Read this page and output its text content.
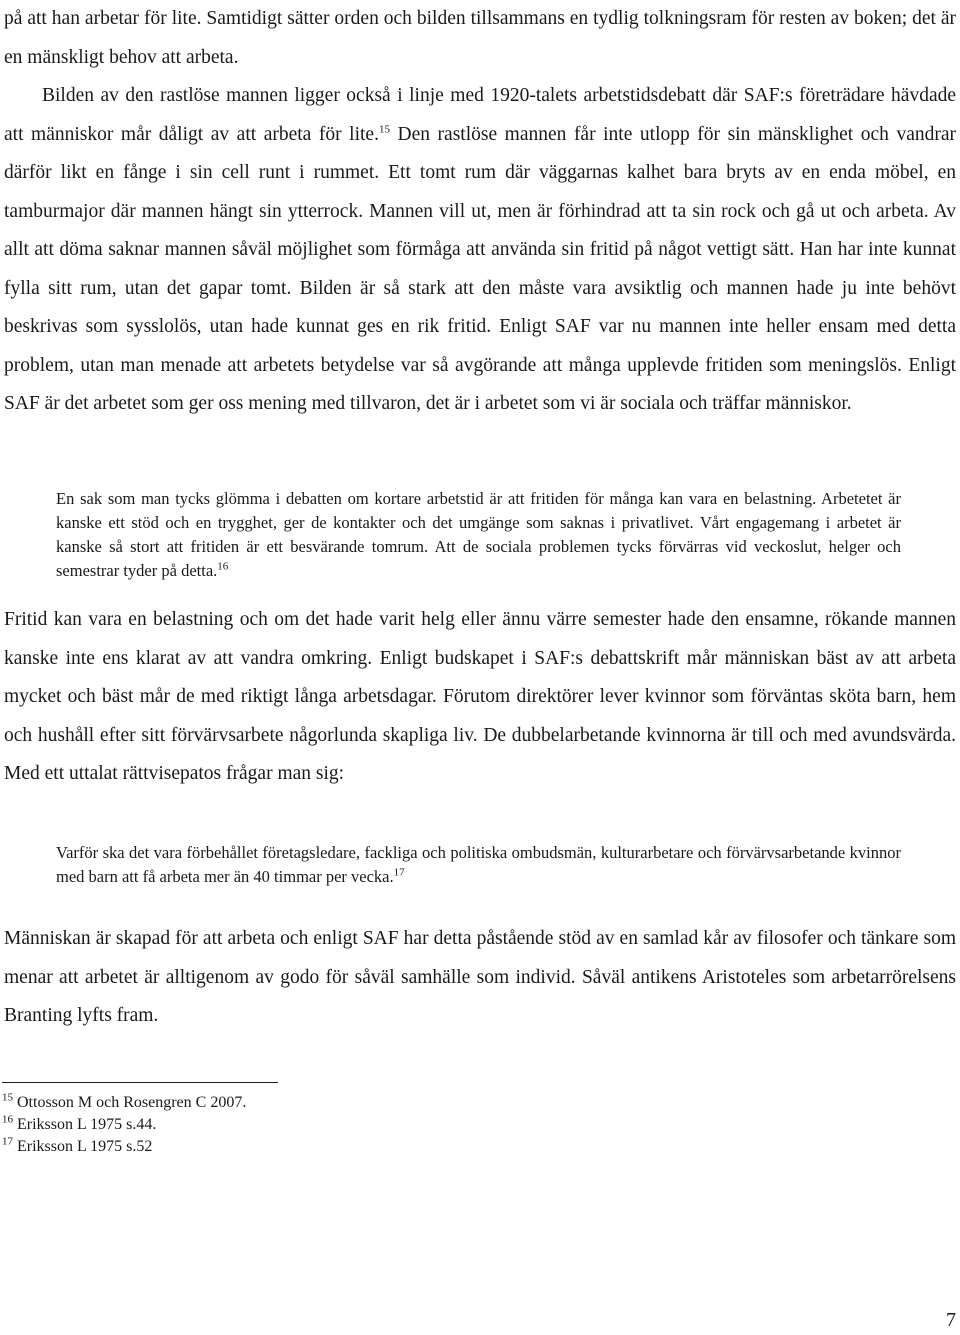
på att han arbetar för lite. Samtidigt sätter orden och bilden tillsammans en tydlig tolkningsram för resten av boken; det är en mänskligt behov att arbeta.
Bilden av den rastlöse mannen ligger också i linje med 1920-talets arbetstidsdebatt där SAF:s företrädare hävdade att människor mår dåligt av att arbeta för lite.$^{15}$ Den rastlöse mannen får inte utlopp för sin mänsklighet och vandrar därför likt en fånge i sin cell runt i rummet. Ett tomt rum där väggarnas kalhet bara bryts av en enda möbel, en tamburmajor där mannen hängt sin ytterrock. Mannen vill ut, men är förhindrad att ta sin rock och gå ut och arbeta. Av allt att döma saknar mannen såväl möjlighet som förmåga att använda sin fritid på något vettigt sätt. Han har inte kunnat fylla sitt rum, utan det gapar tomt. Bilden är så stark att den måste vara avsiktlig och mannen hade ju inte behövt beskrivas som sysslolös, utan hade kunnat ges en rik fritid. Enligt SAF var nu mannen inte heller ensam med detta problem, utan man menade att arbetets betydelse var så avgörande att många upplevde fritiden som meningslös. Enligt SAF är det arbetet som ger oss mening med tillvaron, det är i arbetet som vi är sociala och träffar människor.

En sak som man tycks glömma i debatten om kortare arbetstid är att fritiden för många kan vara en belastning. Arbetetet är kanske ett stöd och en trygghet, ger de kontakter och det umgänge som saknas i privatlivet. Vårt engagemang i arbetet är kanske så stort att fritiden är ett besvärande tomrum. Att de sociala problemen tycks förvärras vid veckoslut, helger och semestrar tyder på detta.$^{16}$

Fritid kan vara en belastning och om det hade varit helg eller ännu värre semester hade den ensamne, rökande mannen kanske inte ens klarat av att vandra omkring. Enligt budskapet i SAF:s debattskrift mår människan bäst av att arbeta mycket och bäst mår de med riktigt långa arbetsdagar. Förutom direktörer lever kvinnor som förväntas sköta barn, hem och hushåll efter sitt förvärvsarbete någorlunda skapliga liv. De dubbelarbetande kvinnorna är till och med avundsvärda. Med ett uttalat rättvisepatos frågar man sig:

Varför ska det vara förbehållet företagsledare, fackliga och politiska ombudsmän, kulturarbetare och förvärvsarbetande kvinnor med barn att få arbeta mer än 40 timmar per vecka.$^{17}$

Människan är skapad för att arbeta och enligt SAF har detta påstående stöd av en samlad kår av filosofer och tänkare som menar att arbetet är alltigenom av godo för såväl samhälle som individ. Såväl antikens Aristoteles som arbetarrörelsens Branting lyfts fram.

$^{15}$ Ottosson M och Rosengren C 2007.
$^{16}$ Eriksson L 1975 s.44.
$^{17}$ Eriksson L 1975 s.52
7
